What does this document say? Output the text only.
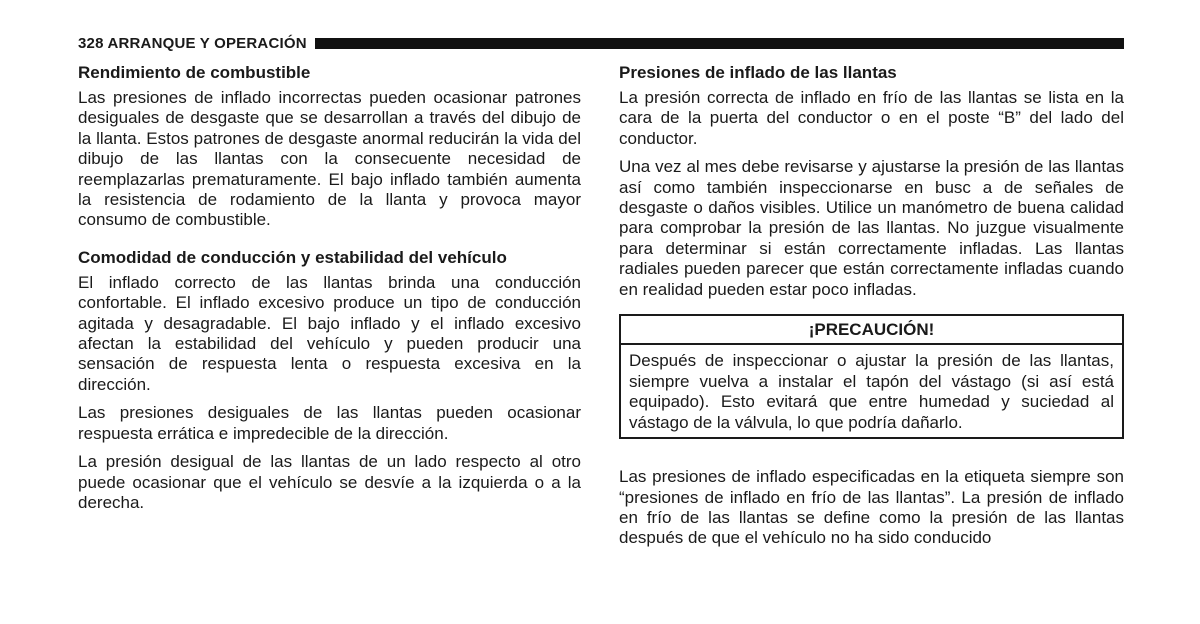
328 ARRANQUE Y OPERACIÓN
Rendimiento de combustible

Las presiones de inflado incorrectas pueden ocasionar patrones desiguales de desgaste que se desarrollan a través del dibujo de la llanta. Estos patrones de desgaste anormal reducirán la vida del dibujo de las llantas con la consecuente necesidad de reemplazarlas prematuramente. El bajo inflado también aumenta la resistencia de rodamiento de la llanta y provoca mayor consumo de combustible.

Comodidad de conducción y estabilidad del vehículo

El inflado correcto de las llantas brinda una conducción confortable. El inflado excesivo produce un tipo de conducción agitada y desagradable. El bajo inflado y el inflado excesivo afectan la estabilidad del vehículo y pueden producir una sensación de respuesta lenta o respuesta excesiva en la dirección.

Las presiones desiguales de las llantas pueden ocasionar respuesta errática e impredecible de la dirección.

La presión desigual de las llantas de un lado respecto al otro puede ocasionar que el vehículo se desvíe a la izquierda o a la derecha.

Presiones de inflado de las llantas

La presión correcta de inflado en frío de las llantas se lista en la cara de la puerta del conductor o en el poste “B” del lado del conductor.

Una vez al mes debe revisarse y ajustarse la presión de las llantas así como también inspeccionarse en busc a de señales de desgaste o daños visibles. Utilice un manómetro de buena calidad para comprobar la presión de las llantas. No juzgue visualmente para determinar si están correctamente infladas. Las llantas radiales pueden parecer que están correctamente infladas cuando en realidad pueden estar poco infladas.

¡PRECAUCIÓN!

Después de inspeccionar o ajustar la presión de las llantas, siempre vuelva a instalar el tapón del vástago (si así está equipado). Esto evitará que entre humedad y suciedad al vástago de la válvula, lo que podría dañarlo.

Las presiones de inflado especificadas en la etiqueta siempre son “presiones de inflado en frío de las llantas”. La presión de inflado en frío de las llantas se define como la presión de las llantas después de que el vehículo no ha sido conducido
